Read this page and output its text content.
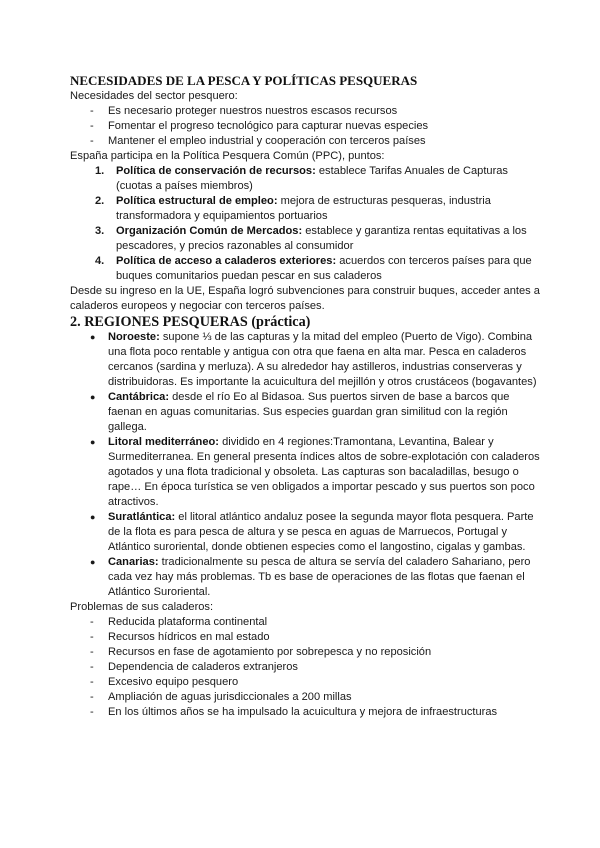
NECESIDADES DE LA PESCA Y POLÍTICAS PESQUERAS

Necesidades del sector pesquero:

- Es necesario proteger nuestros nuestros escasos recursos
- Fomentar el progreso tecnológico para capturar nuevas especies
- Mantener el empleo industrial y cooperación con terceros países

España participa en la Política Pesquera Común (PPC), puntos:

1. Política de conservación de recursos: establece Tarifas Anuales de Capturas (cuotas a países miembros)
2. Política estructural de empleo: mejora de estructuras pesqueras, industria transformadora y equipamientos portuarios
3. Organización Común de Mercados: establece y garantiza rentas equitativas a los pescadores, y precios razonables al consumidor
4. Política de acceso a caladeros exteriores: acuerdos con terceros países para que buques comunitarios puedan pescar en sus caladeros

Desde su ingreso en la UE, España logró subvenciones para construir buques, acceder antes a caladeros europeos y negociar con terceros países.

2. REGIONES PESQUERAS (práctica)
● Noroeste: supone ⅓ de las capturas y la mitad del empleo (Puerto de Vigo). Combina una flota poco rentable y antigua con otra que faena en alta mar. Pesca en caladeros cercanos (sardina y merluza). A su alrededor hay astilleros, industrias conserveras y distribuidoras. Es importante la acuicultura del mejillón y otros crustáceos (bogavantes)
● Cantábrica: desde el río Eo al Bidasoa. Sus puertos sirven de base a barcos que faenan en aguas comunitarias. Sus especies guardan gran similitud con la región gallega.
● Litoral mediterráneo: dividido en 4 regiones:Tramontana, Levantina, Balear y Surmediterranea. En general presenta índices altos de sobre-explotación con caladeros agotados y una flota tradicional y obsoleta. Las capturas son bacaladillas, besugo o rape… En época turística se ven obligados a importar pescado y sus puertos son poco atractivos.
● Suratlántica: el litoral atlántico andaluz posee la segunda mayor flota pesquera. Parte de la flota es para pesca de altura y se pesca en aguas de Marruecos, Portugal y Atlántico suroriental, donde obtienen especies como el langostino, cigalas y gambas.
● Canarias: tradicionalmente su pesca de altura se servía del caladero Sahariano, pero cada vez hay más problemas. Tb es base de operaciones de las flotas que faenan el Atlántico Suroriental.

Problemas de sus caladeros:

- Reducida plataforma continental
- Recursos hídricos en mal estado
- Recursos en fase de agotamiento por sobrepesca y no reposición
- Dependencia de caladeros extranjeros
- Excesivo equipo pesquero
- Ampliación de aguas jurisdiccionales a 200 millas
- En los últimos años se ha impulsado la acuicultura y mejora de infraestructuras
